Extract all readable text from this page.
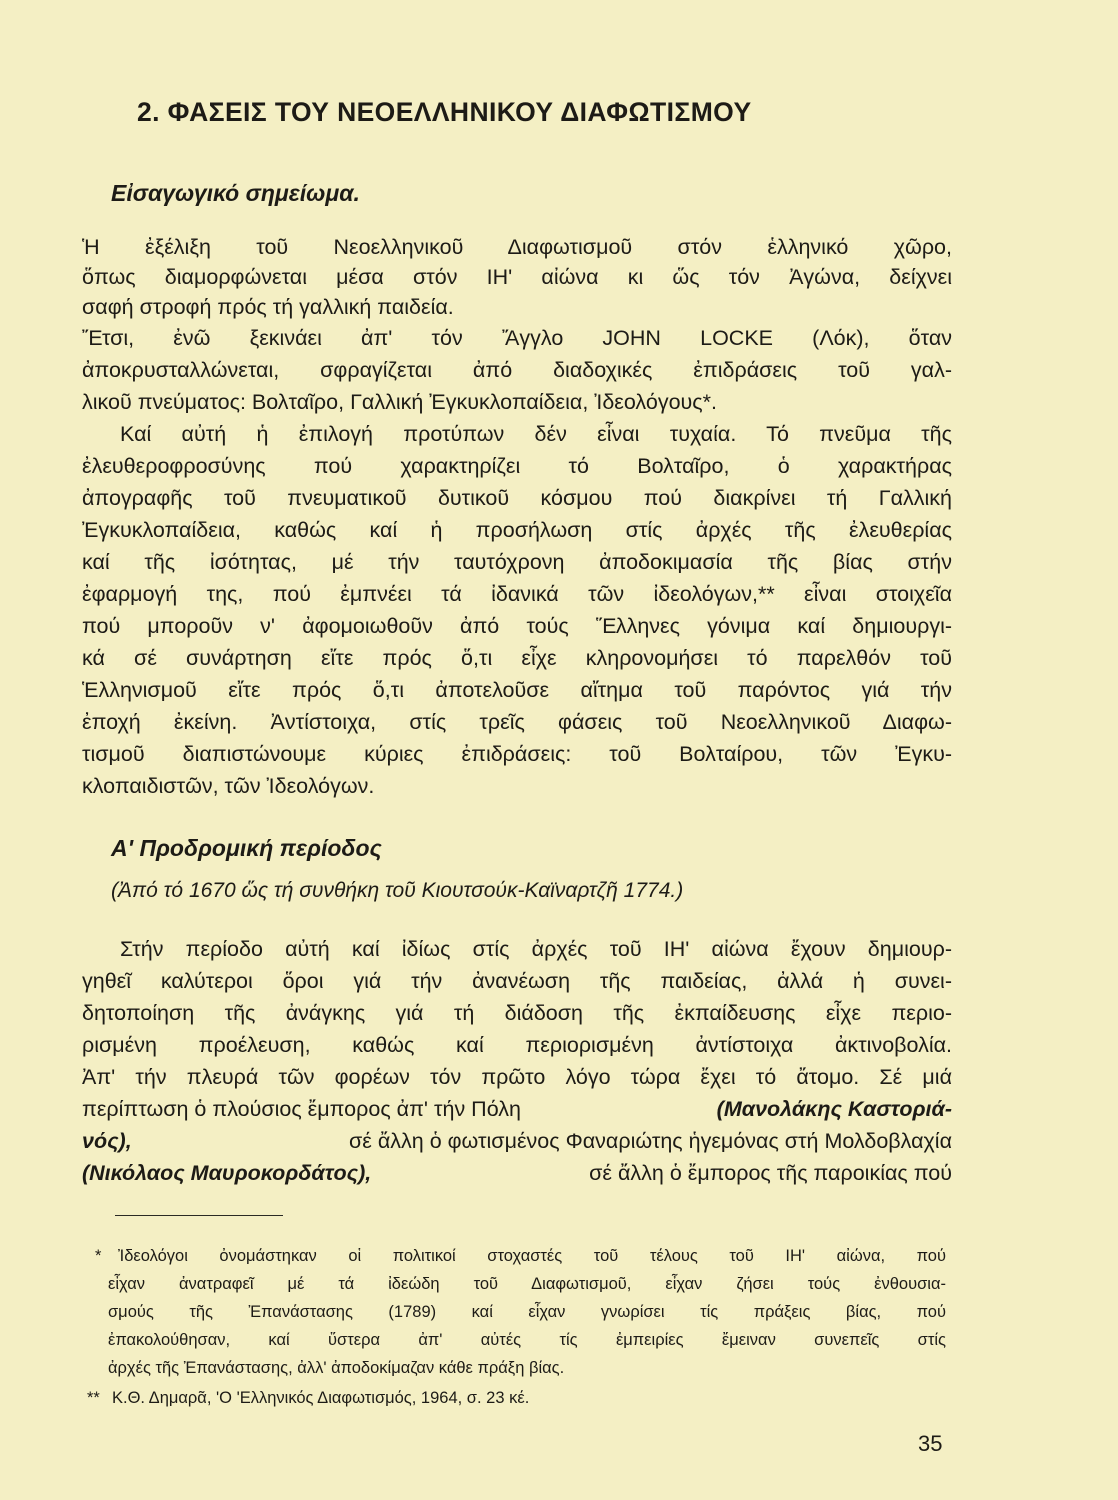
2. ΦΑΣΕΙΣ ΤΟΥ ΝΕΟΕΛΛΗΝΙΚΟΥ ΔΙΑΦΩΤΙΣΜΟΥ
Εἰσαγωγικό σημείωμα.
Ἡ ἐξέλιξη τοῦ Νεοελληνικοῦ Διαφωτισμοῦ στόν ἑλληνικό χῶρο,
ὅπως διαμορφώνεται μέσα στόν ΙΗ' αἰώνα κι ὥς τόν Ἀγώνα, δείχνει
σαφή στροφή πρός τή γαλλική παιδεία.
Ἔτσι, ἐνῶ ξεκινάει ἀπ' τόν Ἄγγλο JOHN LOCKE (Λόκ), ὅταν
ἀποκρυσταλλώνεται, σφραγίζεται ἀπό διαδοχικές ἐπιδράσεις τοῦ γαλ-
λικοῦ πνεύματος: Βολταῖρο, Γαλλική Ἐγκυκλοπαίδεια, Ἰδεολόγους*.
Καί αὐτή ἡ ἐπιλογή προτύπων δέν εἶναι τυχαία. Τό πνεῦμα τῆς
ἐλευθεροφροσύνης πού χαρακτηρίζει τό Βολταῖρο, ὁ χαρακτήρας
ἀπογραφῆς τοῦ πνευματικοῦ δυτικοῦ κόσμου πού διακρίνει τή Γαλλική
Ἐγκυκλοπαίδεια, καθώς καί ἡ προσήλωση στίς ἀρχές τῆς ἐλευθερίας
καί τῆς ἰσότητας, μέ τήν ταυτόχρονη ἀποδοκιμασία τῆς βίας στήν
ἐφαρμογή της, πού ἐμπνέει τά ἰδανικά τῶν ἰδεολόγων,** εἶναι στοιχεῖα
πού μποροῦν ν' ἀφομοιωθοῦν ἀπό τούς Ἕλληνες γόνιμα καί δημιουργι-
κά σέ συνάρτηση εἴτε πρός ὅ,τι εἶχε κληρονομήσει τό παρελθόν τοῦ
Ἑλληνισμοῦ εἴτε πρός ὅ,τι ἀποτελοῦσε αἴτημα τοῦ παρόντος γιά τήν
ἐποχή ἐκείνη. Ἀντίστοιχα, στίς τρεῖς φάσεις τοῦ Νεοελληνικοῦ Διαφω-
τισμοῦ διαπιστώνουμε κύριες ἐπιδράσεις: τοῦ Βολταίρου, τῶν Ἐγκυ-
κλοπαιδιστῶν, τῶν Ἰδεολόγων.
Α' Προδρομική περίοδος
(Ἀπό τό 1670 ὥς τή συνθήκη τοῦ Κιουτσούκ-Καϊναρτζῆ 1774.)
Στήν περίοδο αὐτή καί ἰδίως στίς ἀρχές τοῦ ΙΗ' αἰώνα ἔχουν δημιουρ-
γηθεῖ καλύτεροι ὅροι γιά τήν ἀνανέωση τῆς παιδείας, ἀλλά ἡ συνει-
δητοποίηση τῆς ἀνάγκης γιά τή διάδοση τῆς ἐκπαίδευσης εἶχε περιο-
ρισμένη προέλευση, καθώς καί περιορισμένη ἀντίστοιχα ἀκτινοβολία.
Ἀπ' τήν πλευρά τῶν φορέων τόν πρῶτο λόγο τώρα ἔχει τό ἄτομο. Σέ μιά
περίπτωση ὁ πλούσιος ἔμπορος ἀπ' τήν Πόλη	(Μανολάκης Καστοριά-
νός),	σέ ἄλλη ὁ φωτισμένος Φαναριώτης ἡγεμόνας στή Μολδοβλαχία
(Νικόλαος Μαυροκορδάτος),	σέ ἄλλη ὁ ἔμπορος τῆς παροικίας πού
* Ἰδεολόγοι ὀνομάστηκαν οἱ πολιτικοί στοχαστές τοῦ τέλους τοῦ ΙΗ' αἰώνα, πού
εἶχαν ἀνατραφεῖ μέ τά ἰδεώδη τοῦ Διαφωτισμοῦ, εἶχαν ζήσει τούς ἐνθουσια-
σμούς τῆς Ἐπανάστασης (1789) καί εἶχαν γνωρίσει τίς πράξεις βίας, πού
ἐπακολούθησαν, καί ὕστερα ἀπ' αὐτές τίς ἐμπειρίες ἔμειναν συνεπεῖς στίς
ἀρχές τῆς Ἐπανάστασης, ἀλλ' ἀποδοκίμαζαν κάθε πράξη βίας.
** Κ.Θ. Δημαρᾶ, 'Ο 'Ελληνικός Διαφωτισμός, 1964, σ. 23 κέ.
35
